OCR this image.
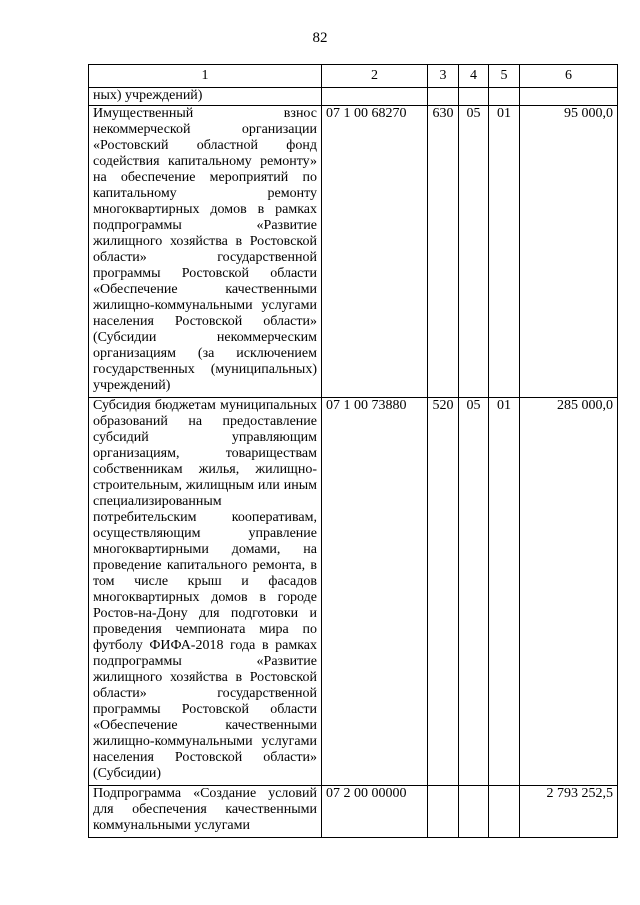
82
1	2	3	4	5	6
ных) учреждений)					
Имущественный взнос некоммерческой организации «Ростовский областной фонд содействия капитальному ремонту» на обеспечение мероприятий по капитальному ремонту многоквартирных домов в рамках подпрограммы «Развитие жилищного хозяйства в Ростовской области» государственной программы Ростовской области «Обеспечение качественными жилищно-коммунальными услугами населения Ростовской области» (Субсидии некоммерческим организациям (за исключением государственных (муниципальных) учреждений)	07 1 00 68270	630	05	01	95 000,0
Субсидия бюджетам муниципальных образований на предоставление субсидий управляющим организациям, товариществам собственникам жилья, жилищно-строительным, жилищным или иным специализированным потребительским кооперативам, осуществляющим управление многоквартирными домами, на проведение капитального ремонта, в том числе крыш и фасадов многоквартирных домов в городе Ростов-на-Дону для подготовки и проведения чемпионата мира по футболу ФИФА-2018 года в рамках подпрограммы «Развитие жилищного хозяйства в Ростовской области» государственной программы Ростовской области «Обеспечение качественными жилищно-коммунальными услугами населения Ростовской области» (Субсидии)	07 1 00 73880	520	05	01	285 000,0
Подпрограмма «Создание условий для обеспечения качественными коммунальными услугами	07 2 00 00000				2 793 252,5
